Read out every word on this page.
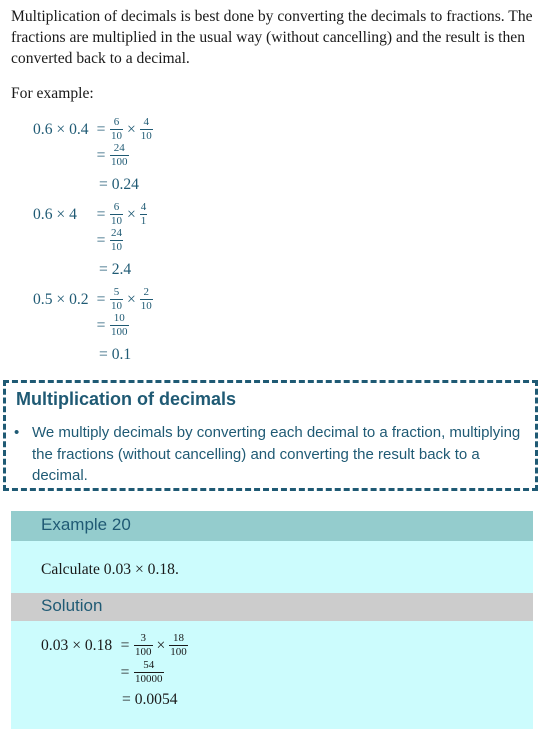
Multiplication of decimals is best done by converting the decimals to fractions. The fractions are multiplied in the usual way (without cancelling) and the result is then converted back to a decimal.
For example:
$0.6 \times 0.4 = \frac{6}{10} \times \frac{4}{10}$
= $\frac{24}{100}$
= 0.24
0.6 × 4	= $\frac{6}{10} \times \frac{4}{1}$
= $\frac{24}{10}$
= 2.4
$0.5 \times 0.2 = \frac{5}{10} \times \frac{2}{10}$
= $\frac{10}{100}$
= 0.1
Multiplication of decimals
• We multiply decimals by converting each decimal to a fraction, multiplying the fractions (without cancelling) and converting the result back to a decimal.
Example 20
Calculate 0.03 × 0.18.
Solution
$0.03 \times 0.18 = \frac{3}{100} \times \frac{18}{100}$
= $\frac{54}{10000}$
= 0.0054
